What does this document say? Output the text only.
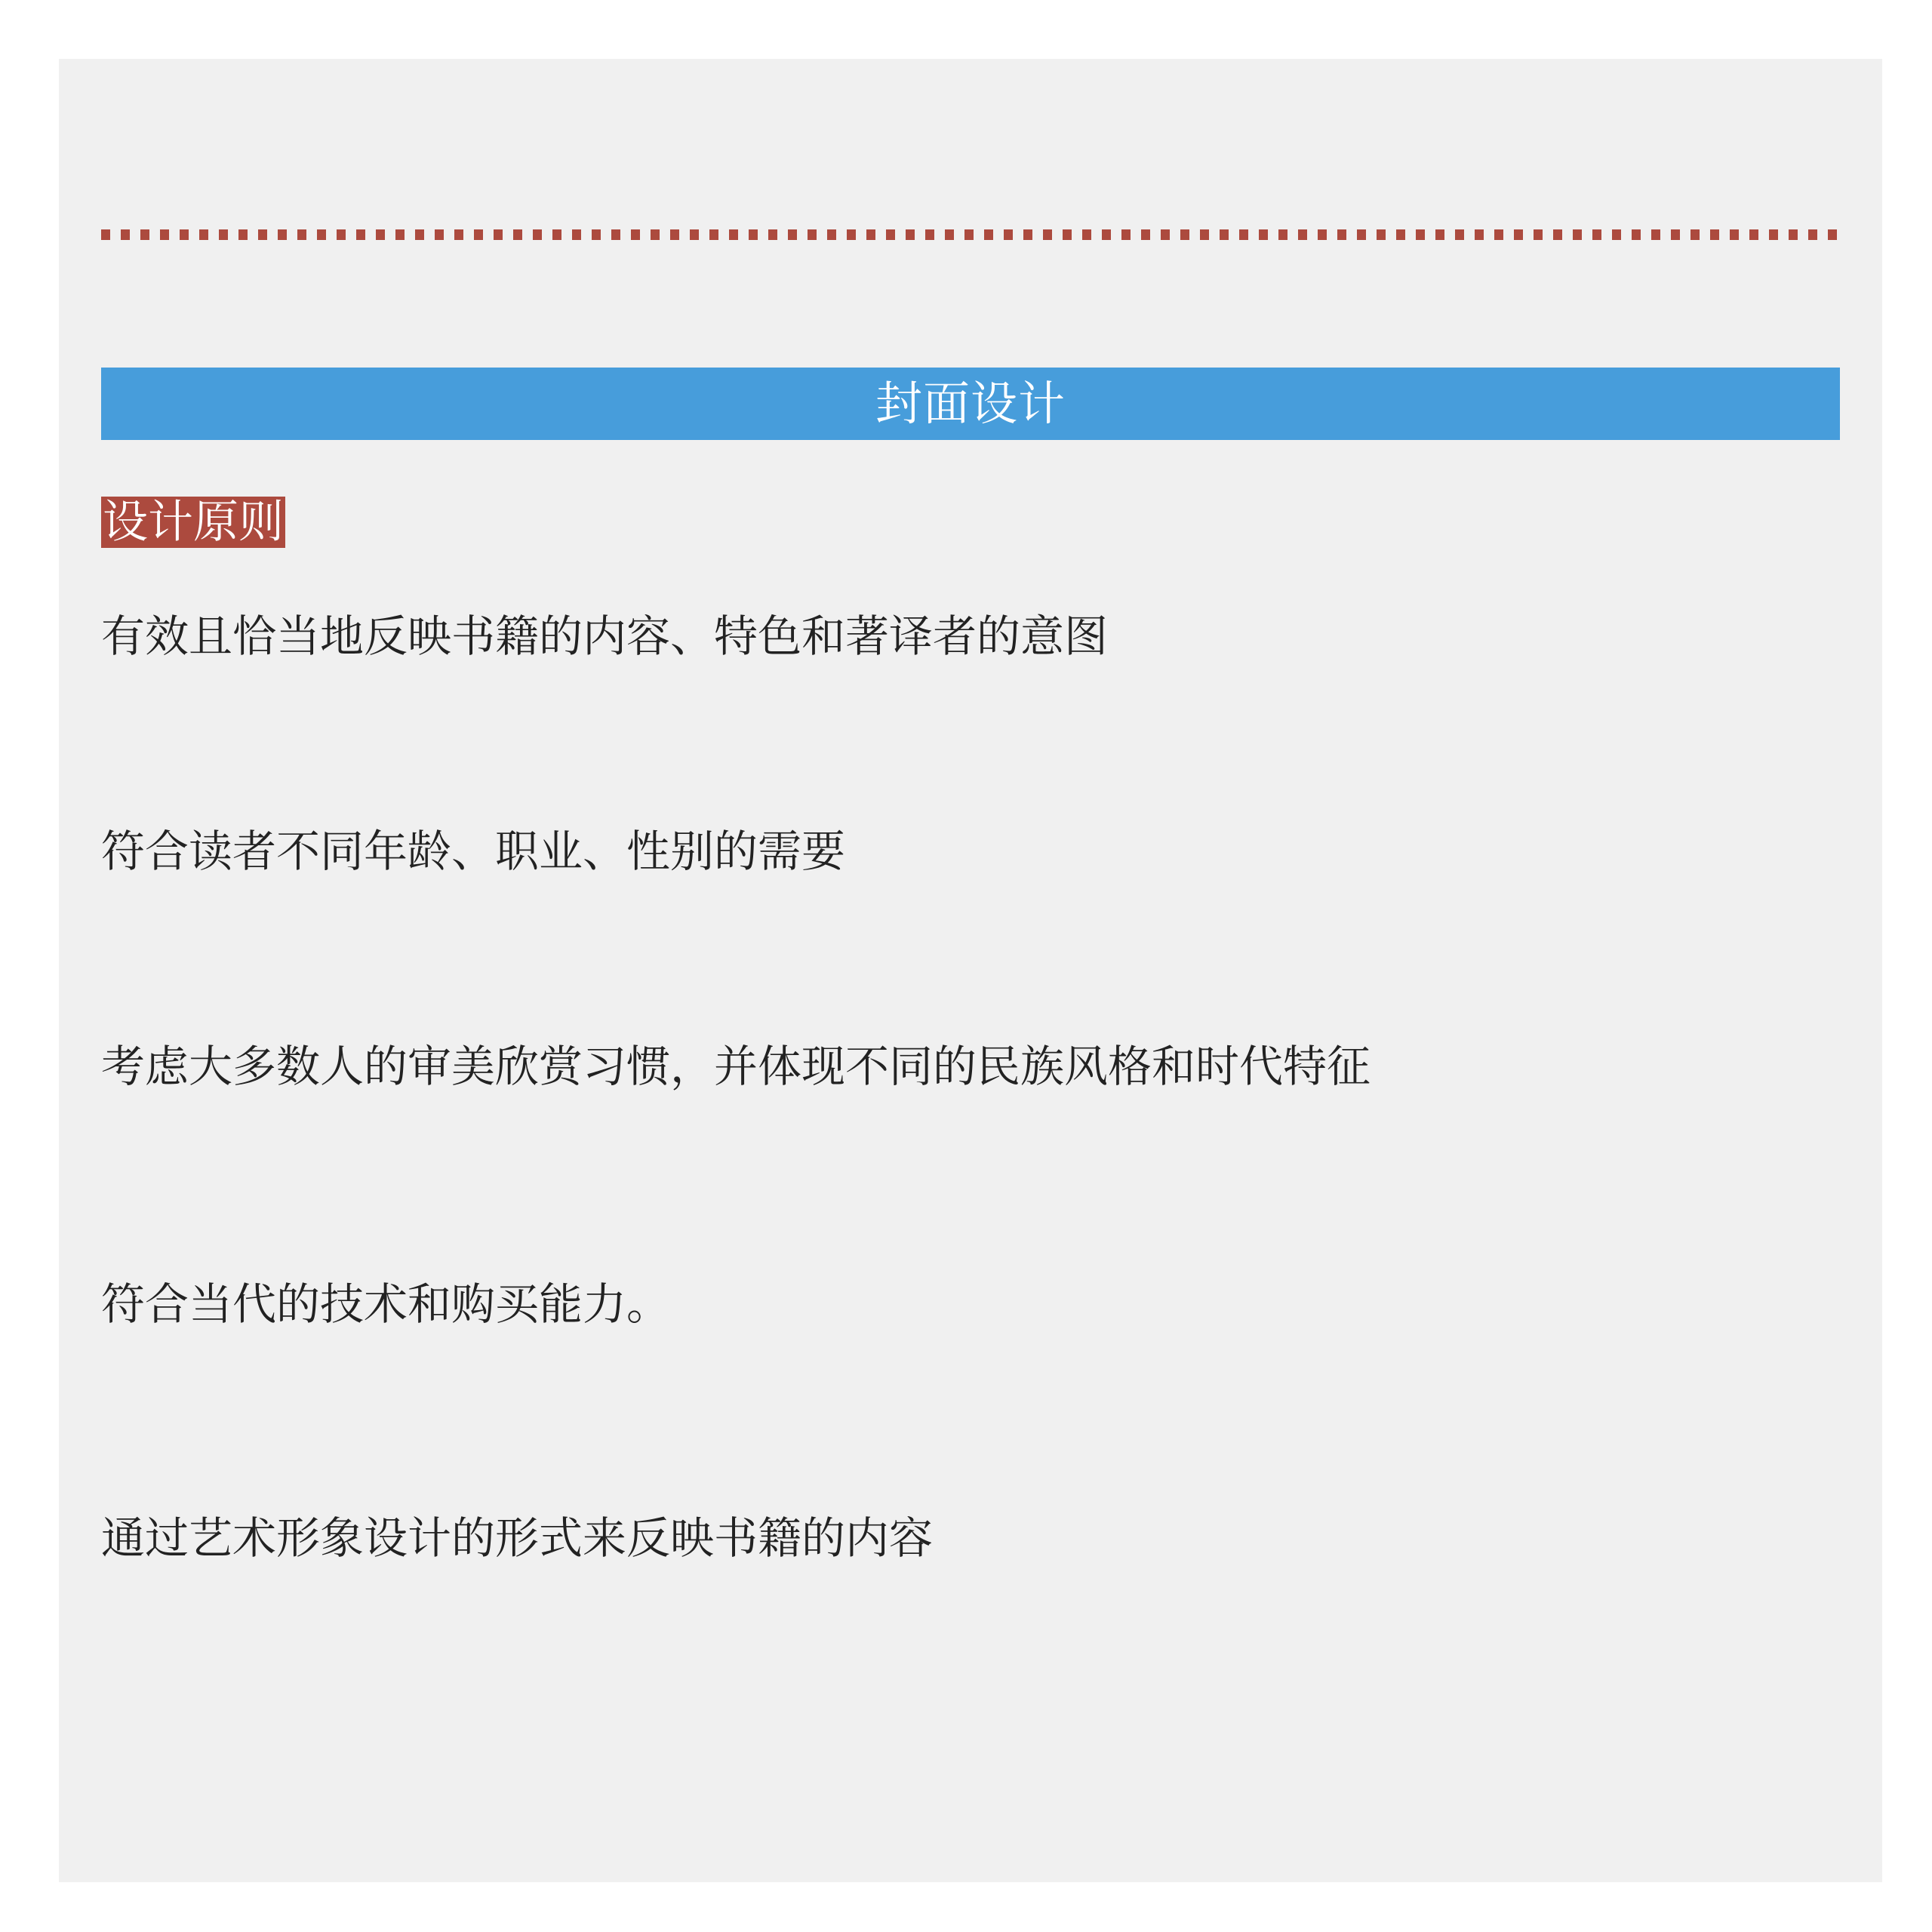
封面设计
设计原则
有效且恰当地反映书籍的内容、特色和著译者的意图
符合读者不同年龄、职业、性别的需要
考虑大多数人的审美欣赏习惯，并体现不同的民族风格和时代特征
符合当代的技术和购买能力。
通过艺术形象设计的形式来反映书籍的内容
